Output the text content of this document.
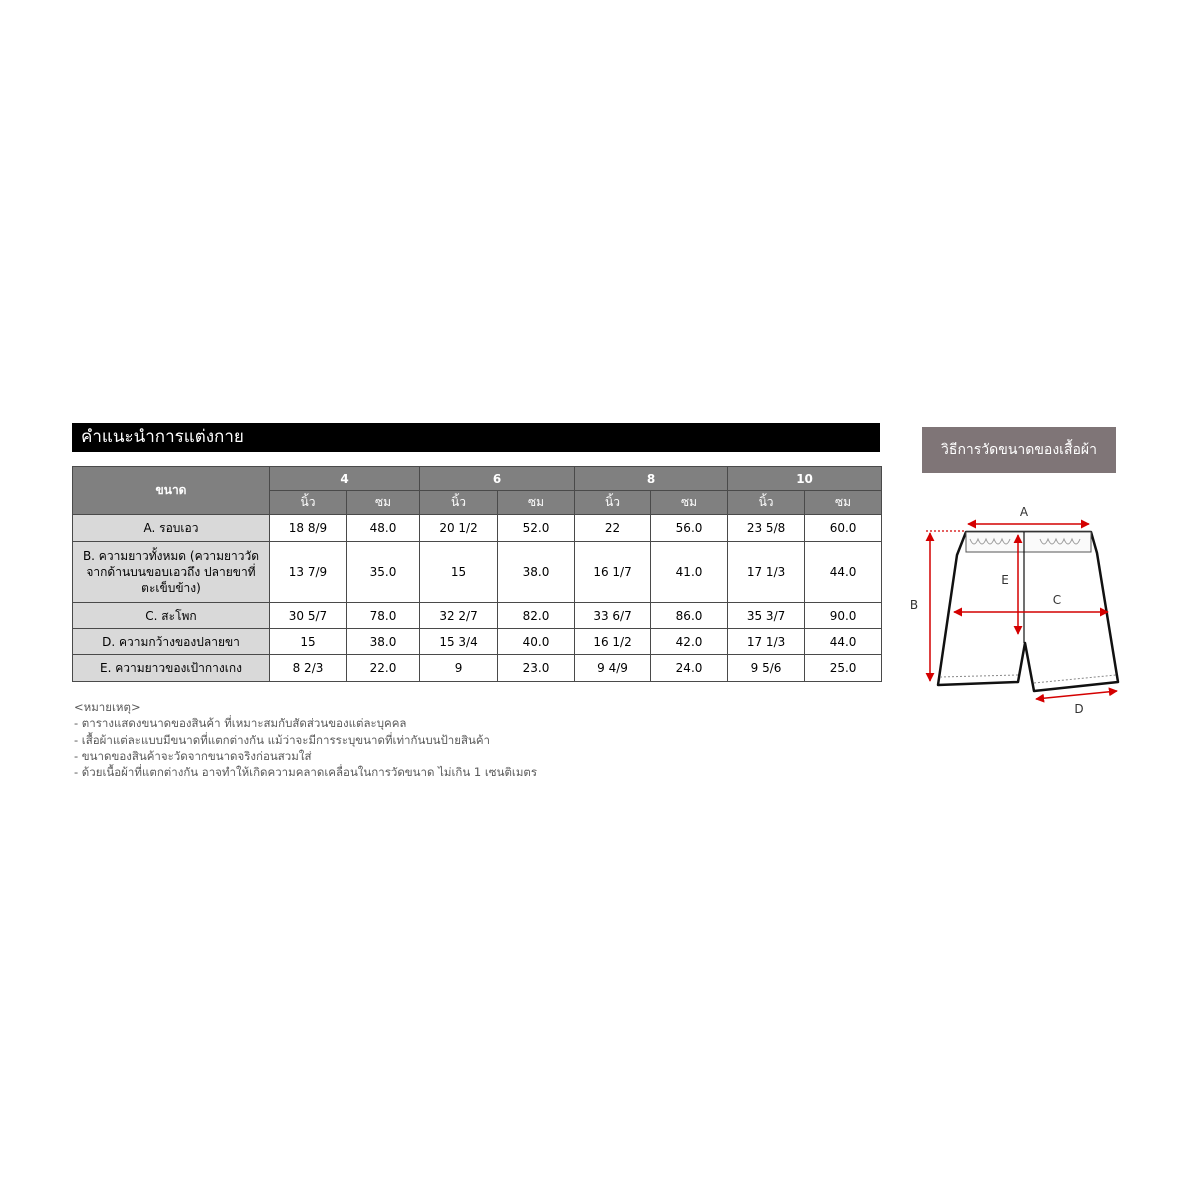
คำแนะนำการแต่งกาย
ขนาด	4		6		8		10	
	นิ้ว	ซม	นิ้ว	ซม	นิ้ว	ซม	นิ้ว	ซม
A. รอบเอว	18 8/9	48.0	20 1/2	52.0	22	56.0	23 5/8	60.0
B. ความยาวทั้งหมด (ความยาววัดจากด้านบนขอบเอวถึง ปลายขาที่ตะเข็บข้าง)	13 7/9	35.0	15	38.0	16 1/7	41.0	17 1/3	44.0
C. สะโพก	30 5/7	78.0	32 2/7	82.0	33 6/7	86.0	35 3/7	90.0
D. ความกว้างของปลายขา	15	38.0	15 3/4	40.0	16 1/2	42.0	17 1/3	44.0
E. ความยาวของเป้ากางเกง	8 2/3	22.0	9	23.0	9 4/9	24.0	9 5/6	25.0
<หมายเหตุ>
- ตารางแสดงขนาดของสินค้า ที่เหมาะสมกับสัดส่วนของแต่ละบุคคล
- เสื้อผ้าแต่ละแบบมีขนาดที่แตกต่างกัน แม้ว่าจะมีการระบุขนาดที่เท่ากันบนป้ายสินค้า
- ขนาดของสินค้าจะวัดจากขนาดจริงก่อนสวมใส่
- ด้วยเนื้อผ้าที่แตกต่างกัน อาจทำให้เกิดความคลาดเคลื่อนในการวัดขนาด ไม่เกิน 1 เซนติเมตร
วิธีการวัดขนาดของเสื้อผ้า
A
B	C
E
D
